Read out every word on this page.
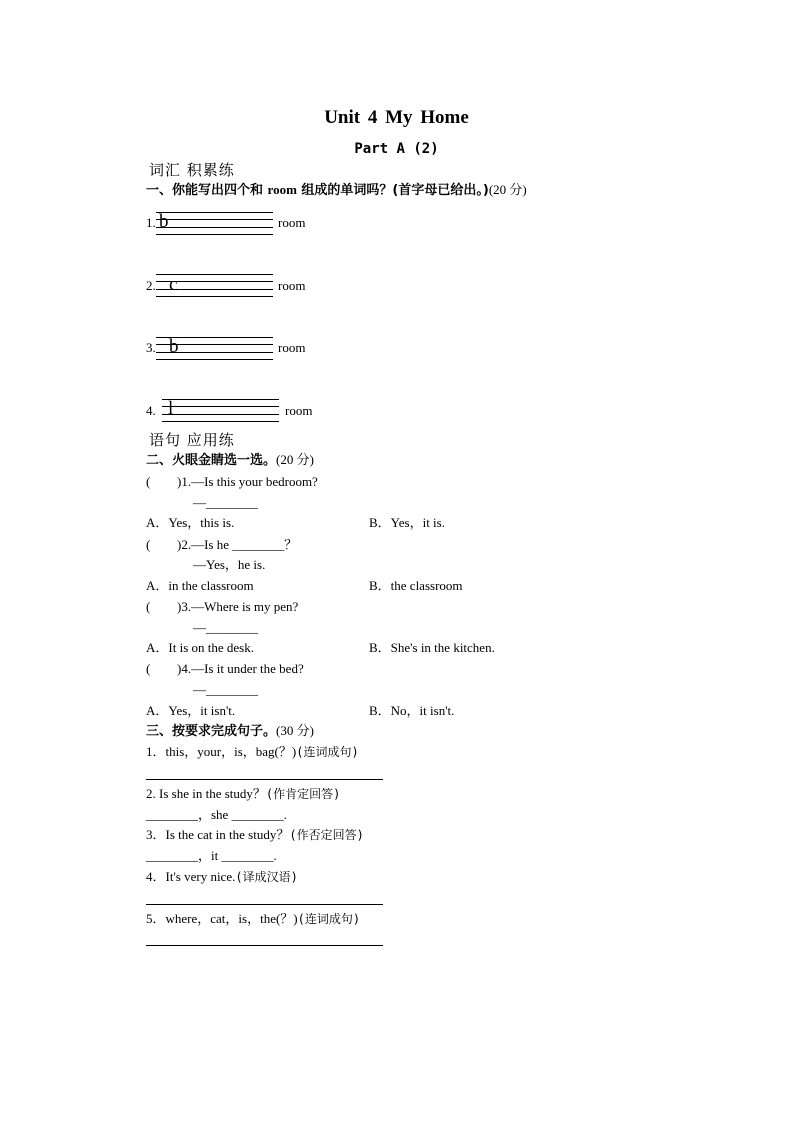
Unit 4 My Home
Part A (2)
词汇 积累练
一、你能写出四个和 room 组成的单词吗？(首字母已给出。)(20 分)
1. b	room
2. c	room
3. b	room
4. l	room
语句 应用练
二、火眼金睛选一选。(20 分)
( )1.—Is this your bedroom?
—________
A．Yes，this is.	B．Yes，it is.
( )2.—Is he ________？
—Yes，he is.
A．in the classroom	B．the classroom
( )3.—Where is my pen?
—________
A．It is on the desk.	B．She's in the kitchen.
( )4.—Is it under the bed?
—________
A．Yes，it isn't.	B．No，it isn't.
三、按要求完成句子。(30 分)
1．this，your，is，bag(？)(连词成句)
2. Is she in the study？(作肯定回答)
________，she ________.
3．Is the cat in the study？(作否定回答)
________，it ________.
4．It's very nice.(译成汉语)
5．where，cat，is，the(？)(连词成句)
